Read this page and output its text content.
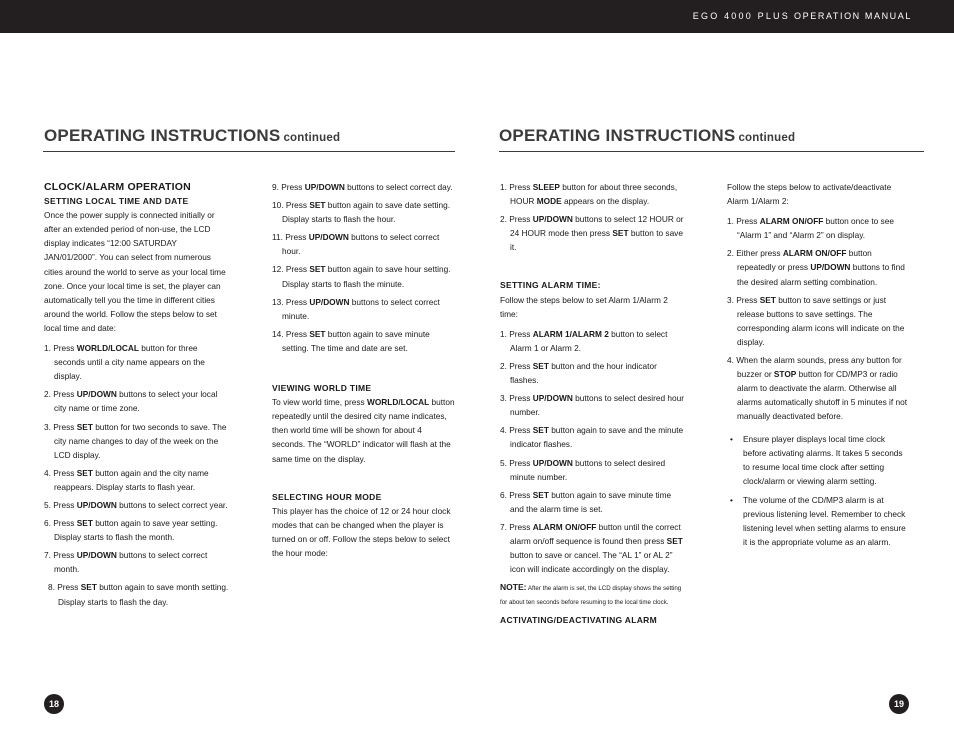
EGO 4000 PLUS OPERATION MANUAL
OPERATING INSTRUCTIONS continued	OPERATING INSTRUCTIONS continued

CLOCK/ALARM OPERATION

SETTING LOCAL TIME AND DATE

Once the power supply is connected initially or after an extended period of non-use, the LCD display indicates “12:00 SATURDAY JAN/01/2000”. You can select from numerous cities around the world to serve as your local time zone. Once your local time is set, the player can automatically tell you the time in different cities around the world. Follow the steps below to set local time and date:

1. Press WORLD/LOCAL button for three seconds until a city name appears on the display.

2. Press UP/DOWN buttons to select your local city name or time zone.

3. Press SET button for two seconds to save. The city name changes to day of the week on the LCD display.

4. Press SET button again and the city name reappears. Display starts to flash year.

5. Press UP/DOWN buttons to select correct year.

6. Press SET button again to save year setting. Display starts to flash the month.

7. Press UP/DOWN buttons to select correct month.

8. Press SET button again to save month setting. Display starts to flash the day.

9. Press UP/DOWN buttons to select correct day.

10. Press SET button again to save date setting. Display starts to flash the hour.

11. Press UP/DOWN buttons to select correct hour.

12. Press SET button again to save hour setting. Display starts to flash the minute.

13. Press UP/DOWN buttons to select correct minute.

14. Press SET button again to save minute setting. The time and date are set.

VIEWING WORLD TIME

To view world time, press WORLD/LOCAL button repeatedly until the desired city name indicates, then world time will be shown for about 4 seconds. The “WORLD” indicator will flash at the same time on the display.

SELECTING HOUR MODE

This player has the choice of 12 or 24 hour clock modes that can be changed when the player is turned on or off. Follow the steps below to select the hour mode:

1. Press SLEEP button for about three seconds, HOUR MODE appears on the display.

2. Press UP/DOWN buttons to select 12 HOUR or 24 HOUR mode then press SET button to save it.

SETTING ALARM TIME:

Follow the steps below to set Alarm 1/Alarm 2 time:

1. Press ALARM 1/ALARM 2 button to select Alarm 1 or Alarm 2.

2. Press SET button and the hour indicator flashes.

3. Press UP/DOWN buttons to select desired hour number.

4. Press SET button again to save and the minute indicator flashes.

5. Press UP/DOWN buttons to select desired minute number.

6. Press SET button again to save minute time and the alarm time is set.

7. Press ALARM ON/OFF button until the correct alarm on/off sequence is found then press SET button to save or cancel. The “AL 1” or AL 2” icon will indicate accordingly on the display.

NOTE: After the alarm is set, the LCD display shows the setting for about ten seconds before resuming to the local time clock.

ACTIVATING/DEACTIVATING ALARM

Follow the steps below to activate/deactivate Alarm 1/Alarm 2:

1. Press ALARM ON/OFF button once to see “Alarm 1” and “Alarm 2” on display.

2. Either press ALARM ON/OFF button repeatedly or press UP/DOWN buttons to find the desired alarm setting combination.

3. Press SET button to save settings or just release buttons to save settings. The corresponding alarm icons will indicate on the display.

4. When the alarm sounds, press any button for buzzer or STOP button for CD/MP3 or radio alarm to deactivate the alarm. Otherwise all alarms automatically shutoff in 5 minutes if not manually deactivated before.

• Ensure player displays local time clock before activating alarms. It takes 5 seconds to resume local time clock after setting clock/alarm or viewing alarm setting.

• The volume of the CD/MP3 alarm is at previous listening level. Remember to check listening level when setting alarms to ensure it is the appropriate volume as an alarm.

18	19
